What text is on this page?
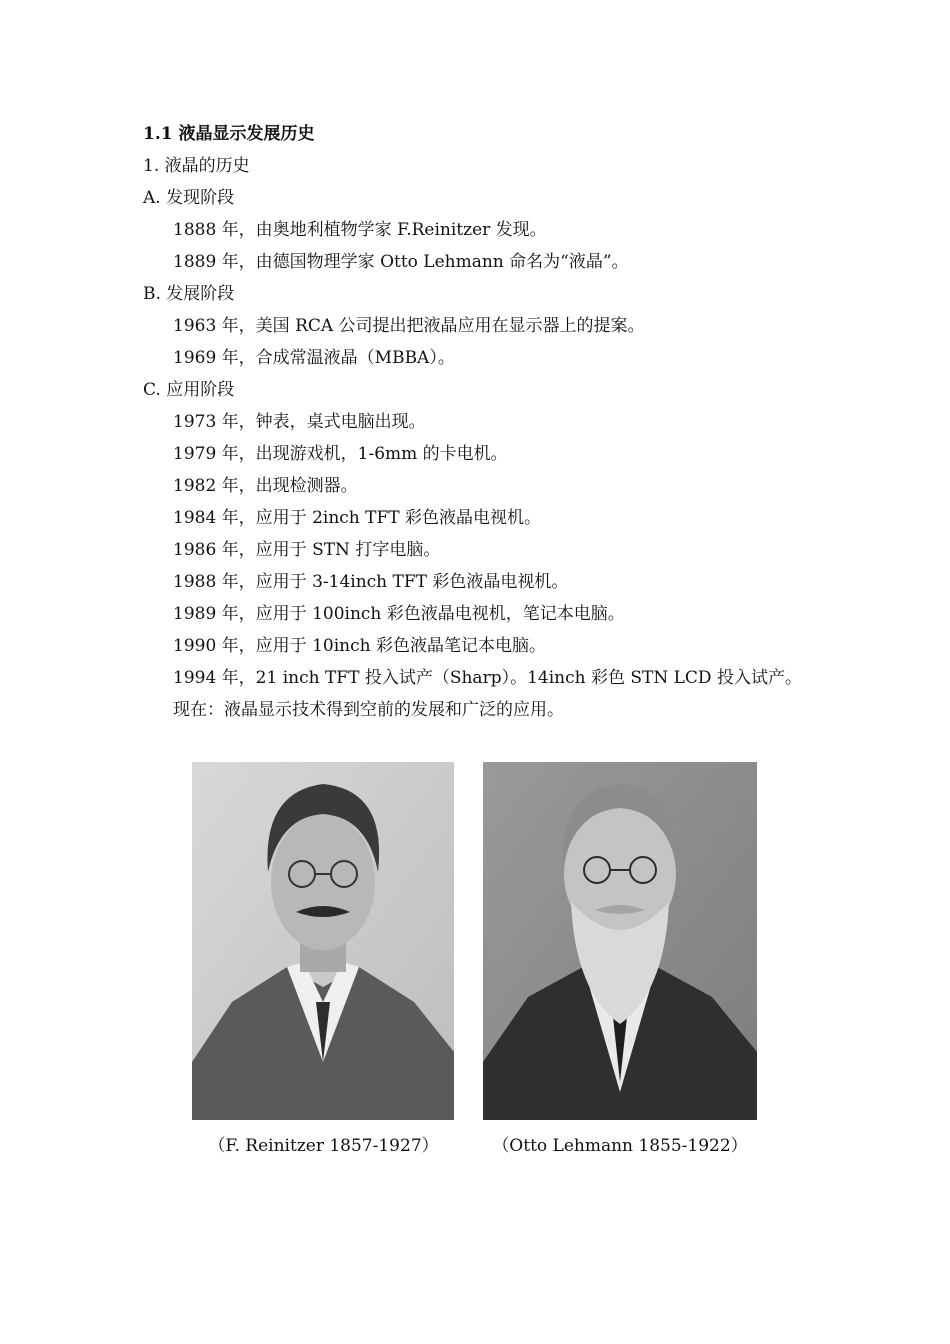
1.1 液晶显示发展历史
1. 液晶的历史
A. 发现阶段
1888 年，由奥地利植物学家 F.Reinitzer 发现。
1889 年，由德国物理学家 Otto Lehmann 命名为“液晶”。
B. 发展阶段
1963 年，美国 RCA 公司提出把液晶应用在显示器上的提案。
1969 年，合成常温液晶（MBBA）。
C. 应用阶段
1973 年，钟表，桌式电脑出现。
1979 年，出现游戏机，1-6mm 的卡电机。
1982 年，出现检测器。
1984 年，应用于 2inch TFT 彩色液晶电视机。
1986 年，应用于 STN 打字电脑。
1988 年，应用于 3-14inch TFT 彩色液晶电视机。
1989 年，应用于 100inch 彩色液晶电视机，笔记本电脑。
1990 年，应用于 10inch 彩色液晶笔记本电脑。
1994 年，21 inch TFT 投入试产（Sharp）。14inch 彩色 STN LCD 投入试产。
现在：液晶显示技术得到空前的发展和广泛的应用。
（F. Reinitzer 1857-1927）	（Otto Lehmann 1855-1922）
